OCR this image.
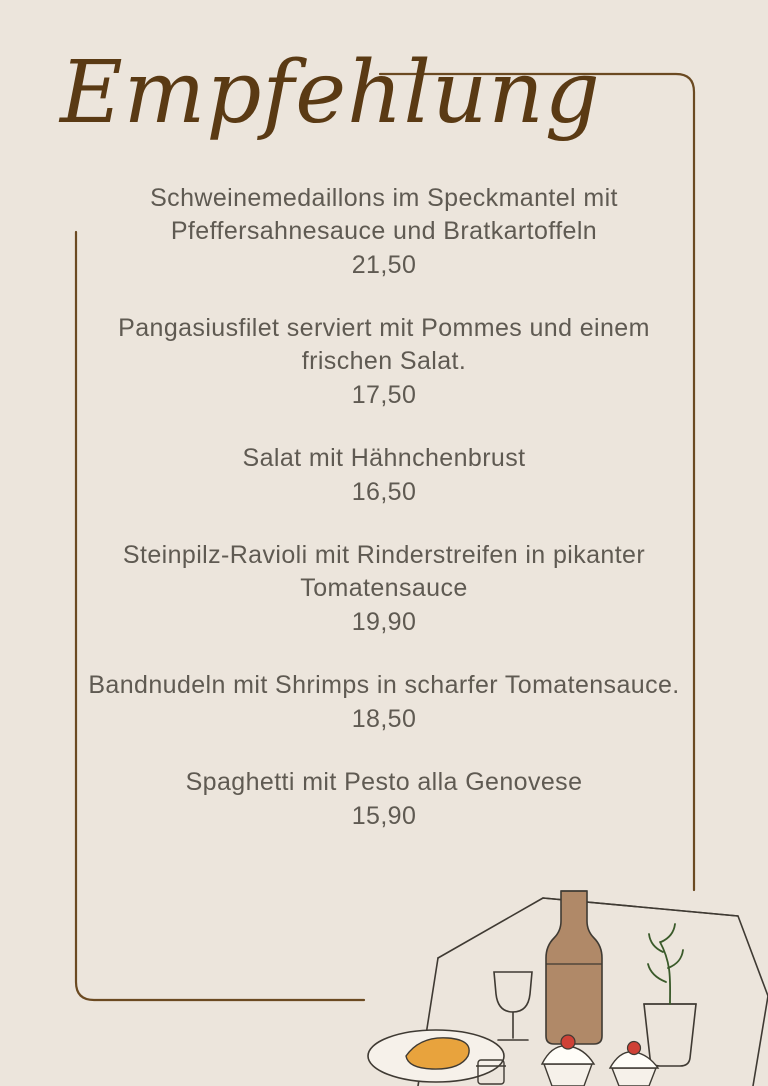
Empfehlung
Schweinemedaillons im Speckmantel mit Pfeffersahnesauce und Bratkartoffeln
21,50
Pangasiusfilet serviert mit Pommes und einem frischen Salat.
17,50
Salat mit Hähnchenbrust
16,50
Steinpilz-Ravioli mit Rinderstreifen in pikanter Tomatensauce
19,90
Bandnudeln mit Shrimps in scharfer Tomatensauce.
18,50
Spaghetti mit Pesto alla Genovese
15,90
